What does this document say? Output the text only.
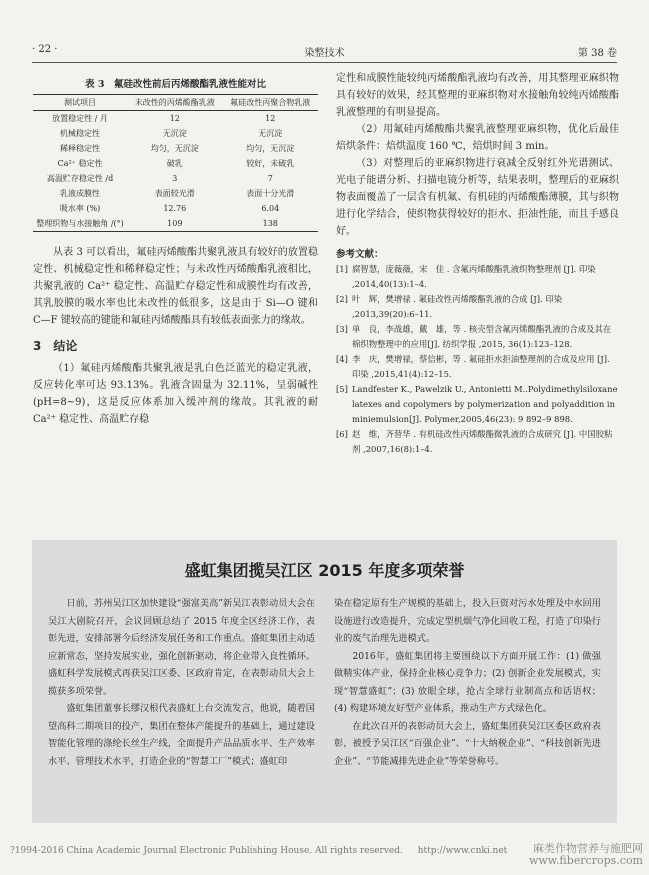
· 22 ·	染整技术	第 38 卷
表 3　氟硅改性前后丙烯酸酯乳液性能对比
测试项目	未改性的丙烯酸酯乳液	氟硅改性丙聚合物乳液
放置稳定性 / 月	12	12
机械稳定性	无沉淀	无沉淀
稀释稳定性	均匀，无沉淀	均匀，无沉淀
Ca²⁺ 稳定性	破乳	较好，未破乳
高温贮存稳定性 /d	3	7
乳液成膜性	表面较光滑	表面十分光滑
吸水率 (%)	12.76	6.04
整理织物与水接触角 /(°)	109	138

从表 3 可以看出，氟硅丙烯酸酯共聚乳液具有较好的放置稳定性、机械稳定性和稀释稳定性；与未改性丙烯酸酯乳液相比，共聚乳液的 Ca²⁺ 稳定性、高温贮存稳定性和成膜性均有改善，其乳胶膜的吸水率也比未改性的低很多，这是由于 Si—O 键和 C—F 键较高的键能和氟硅丙烯酸酯具有较低表面张力的缘故。

3　结论

（1）氟硅丙烯酸酯共聚乳液是乳白色泛蓝光的稳定乳液，反应转化率可达 93.13%。乳液含固量为 32.11%，呈弱碱性 (pH=8~9)，这是反应体系加入缓冲剂的缘故。其乳液的耐 Ca²⁺ 稳定性、高温贮存稳

定性和成膜性能较纯丙烯酸酯乳液均有改善，用其整理亚麻织物具有较好的效果，经其整理的亚麻织物对水接触角较纯丙烯酸酯乳液整理的有明显提高。

（2）用氟硅丙烯酸酯共聚乳液整理亚麻织物，优化后最佳焙烘条件：焙烘温度 160 ℃，焙烘时间 3 min。

（3）对整理后的亚麻织物进行衰减全反射红外光谱测试、光电子能谱分析、扫描电镜分析等，结果表明，整理后的亚麻织物表面覆盖了一层含有机氟、有机硅的丙烯酸酯薄膜，其与织物进行化学结合，使织物获得较好的拒水、拒油性能，而且手感良好。

参考文献：
[1] 腐智慧，庞薇薇，宋　佳 . 含氟丙烯酸酯乳液织物整理剂 [J]. 印染 ,2014,40(13):1–4.
[2] 叶　辉，樊增禄 . 氟硅改性丙烯酸酯乳液的合成 [J]. 印染 ,2013,39(20):6–11.
[3] 单　良，李战雄，戴　雄，等 . 核壳型含氟丙烯酸酯乳液的合成及其在棉织物整理中的应用[J]. 纺织学报 ,2015, 36(1):123–128.
[4] 李　庆，樊增禄，蔡信彬，等 . 氟硅拒水拒油整理剂的合成及应用 [J]. 印染 ,2015,41(4):12–15.
[5] Landfester K., Pawelzik U., Antonietti M..Polydimethylsiloxane latexes and copolymers by polymerization and polyaddition in miniemulsion[J]. Polymer,2005,46(23): 9 892–9 898.
[6] 赵　维，齐替华 . 有机硅改性丙烯酸酯微乳液的合成研究 [J]. 中国胶粘剂 ,2007,16(8):1–4.
盛虹集团揽吴江区 2015 年度多项荣誉

日前，苏州吴江区加快建设“强富美高”新吴江表彰动员大会在吴江大剧院召开，会议回顾总结了 2015 年度全区经济工作，表彰先进，安排部署今后经济发展任务和工作重点。盛虹集团主动适应新常态，坚持发展实业，强化创新驱动，将企业带入良性循环。盛虹科学发展模式再获吴江区委、区政府肯定，在表彰动员大会上揽获多项荣誉。

盛虹集团董事长缪汉根代表盛虹上台交流发言，他说，随着国望高科二期项目的投产，集团在整体产能提升的基础上，通过建设智能化管理的涤纶长丝生产线，全面提升产品品质水平、生产效率水平、管理技术水平，打造企业的“智慧工厂”模式；盛虹印

染在稳定原有生产规模的基础上，投入巨资对污水处理及中水回用设施进行改造提升，完成定型机烟气净化回收工程，打造了印染行业的废气治理先进模式。

2016年，盛虹集团将主要围绕以下方面开展工作：(1) 做强做精实体产业，保持企业核心竞争力；(2) 创新企业发展模式，实现“智慧盛虹”；(3) 放眼全球，抢占全球行业制高点和话语权；(4) 构建环境友好型产业体系，推动生产方式绿色化。

在此次召开的表彰动员大会上，盛虹集团获吴江区委区政府表彰，被授予吴江区“百强企业”、“十大纳税企业”、“科技创新先进企业”、“节能减排先进企业”等荣誉称号。

?1994-2016 China Academic Journal Electronic Publishing House. All rights reserved. http://www.cnki.net	麻类作物营养与施肥网
www.fibercrops.com
